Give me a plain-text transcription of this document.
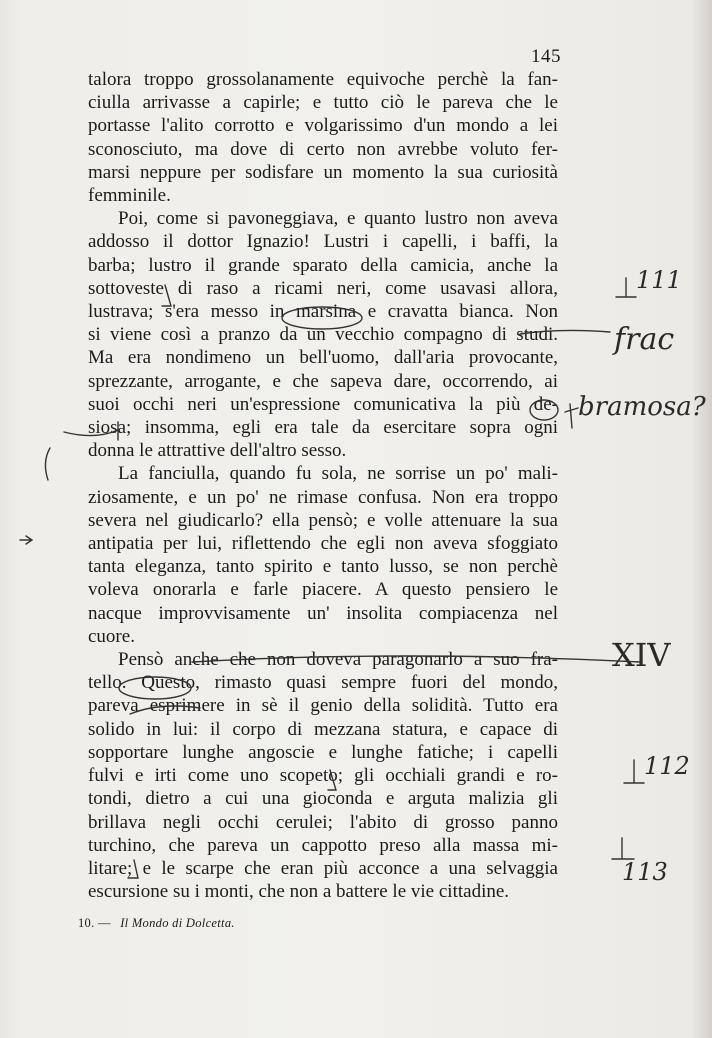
145
talora troppo grossolanamente equivoche perchè la fan-
ciulla arrivasse a capirle; e tutto ciò le pareva che le
portasse l'alito corrotto e volgarissimo d'un mondo a lei
sconosciuto, ma dove di certo non avrebbe voluto fer-
marsi neppure per sodisfare un momento la sua curiosità
femminile.
Poi, come si pavoneggiava, e quanto lustro non aveva
addosso il dottor Ignazio! Lustri i capelli, i baffi, la
barba; lustro il grande sparato della camicia, anche la
sottoveste di raso a ricami neri, come usavasi allora,
lustrava; s'era messo in marsina e cravatta bianca. Non
si viene così a pranzo da un vecchio compagno di studi.
Ma era nondimeno un bell'uomo, dall'aria provocante,
sprezzante, arrogante, e che sapeva dare, occorrendo, ai
suoi occhi neri un'espressione comunicativa la più de-
siosa; insomma, egli era tale da esercitare sopra ogni
donna le attrattive dell'altro sesso.
La fanciulla, quando fu sola, ne sorrise un po' mali-
ziosamente, e un po' ne rimase confusa. Non era troppo
severa nel giudicarlo? ella pensò; e volle attenuare la sua
antipatia per lui, riflettendo che egli non aveva sfoggiato
tanta eleganza, tanto spirito e tanto lusso, se non perchè
voleva onorarla e farle piacere. A questo pensiero le
nacque improvvisamente un' insolita compiacenza nel
cuore.
Pensò anche che non doveva paragonarlo a suo fra-
tello. Questo, rimasto quasi sempre fuori del mondo,
pareva esprimere in sè il genio della solidità. Tutto era
solido in lui: il corpo di mezzana statura, e capace di
sopportare lunghe angoscie e lunghe fatiche; i capelli
fulvi e irti come uno scopeto; gli occhiali grandi e ro-
tondi, dietro a cui una gioconda e arguta malizia gli
brillava negli occhi cerulei; l'abito di grosso panno
turchino, che pareva un cappotto preso alla massa mi-
litare; e le scarpe che eran più acconce a una selvaggia
escursione su i monti, che non a battere le vie cittadine.
10. — Il Mondo di Dolcetta.
111
frac
bramosa?
XIV
112
113
